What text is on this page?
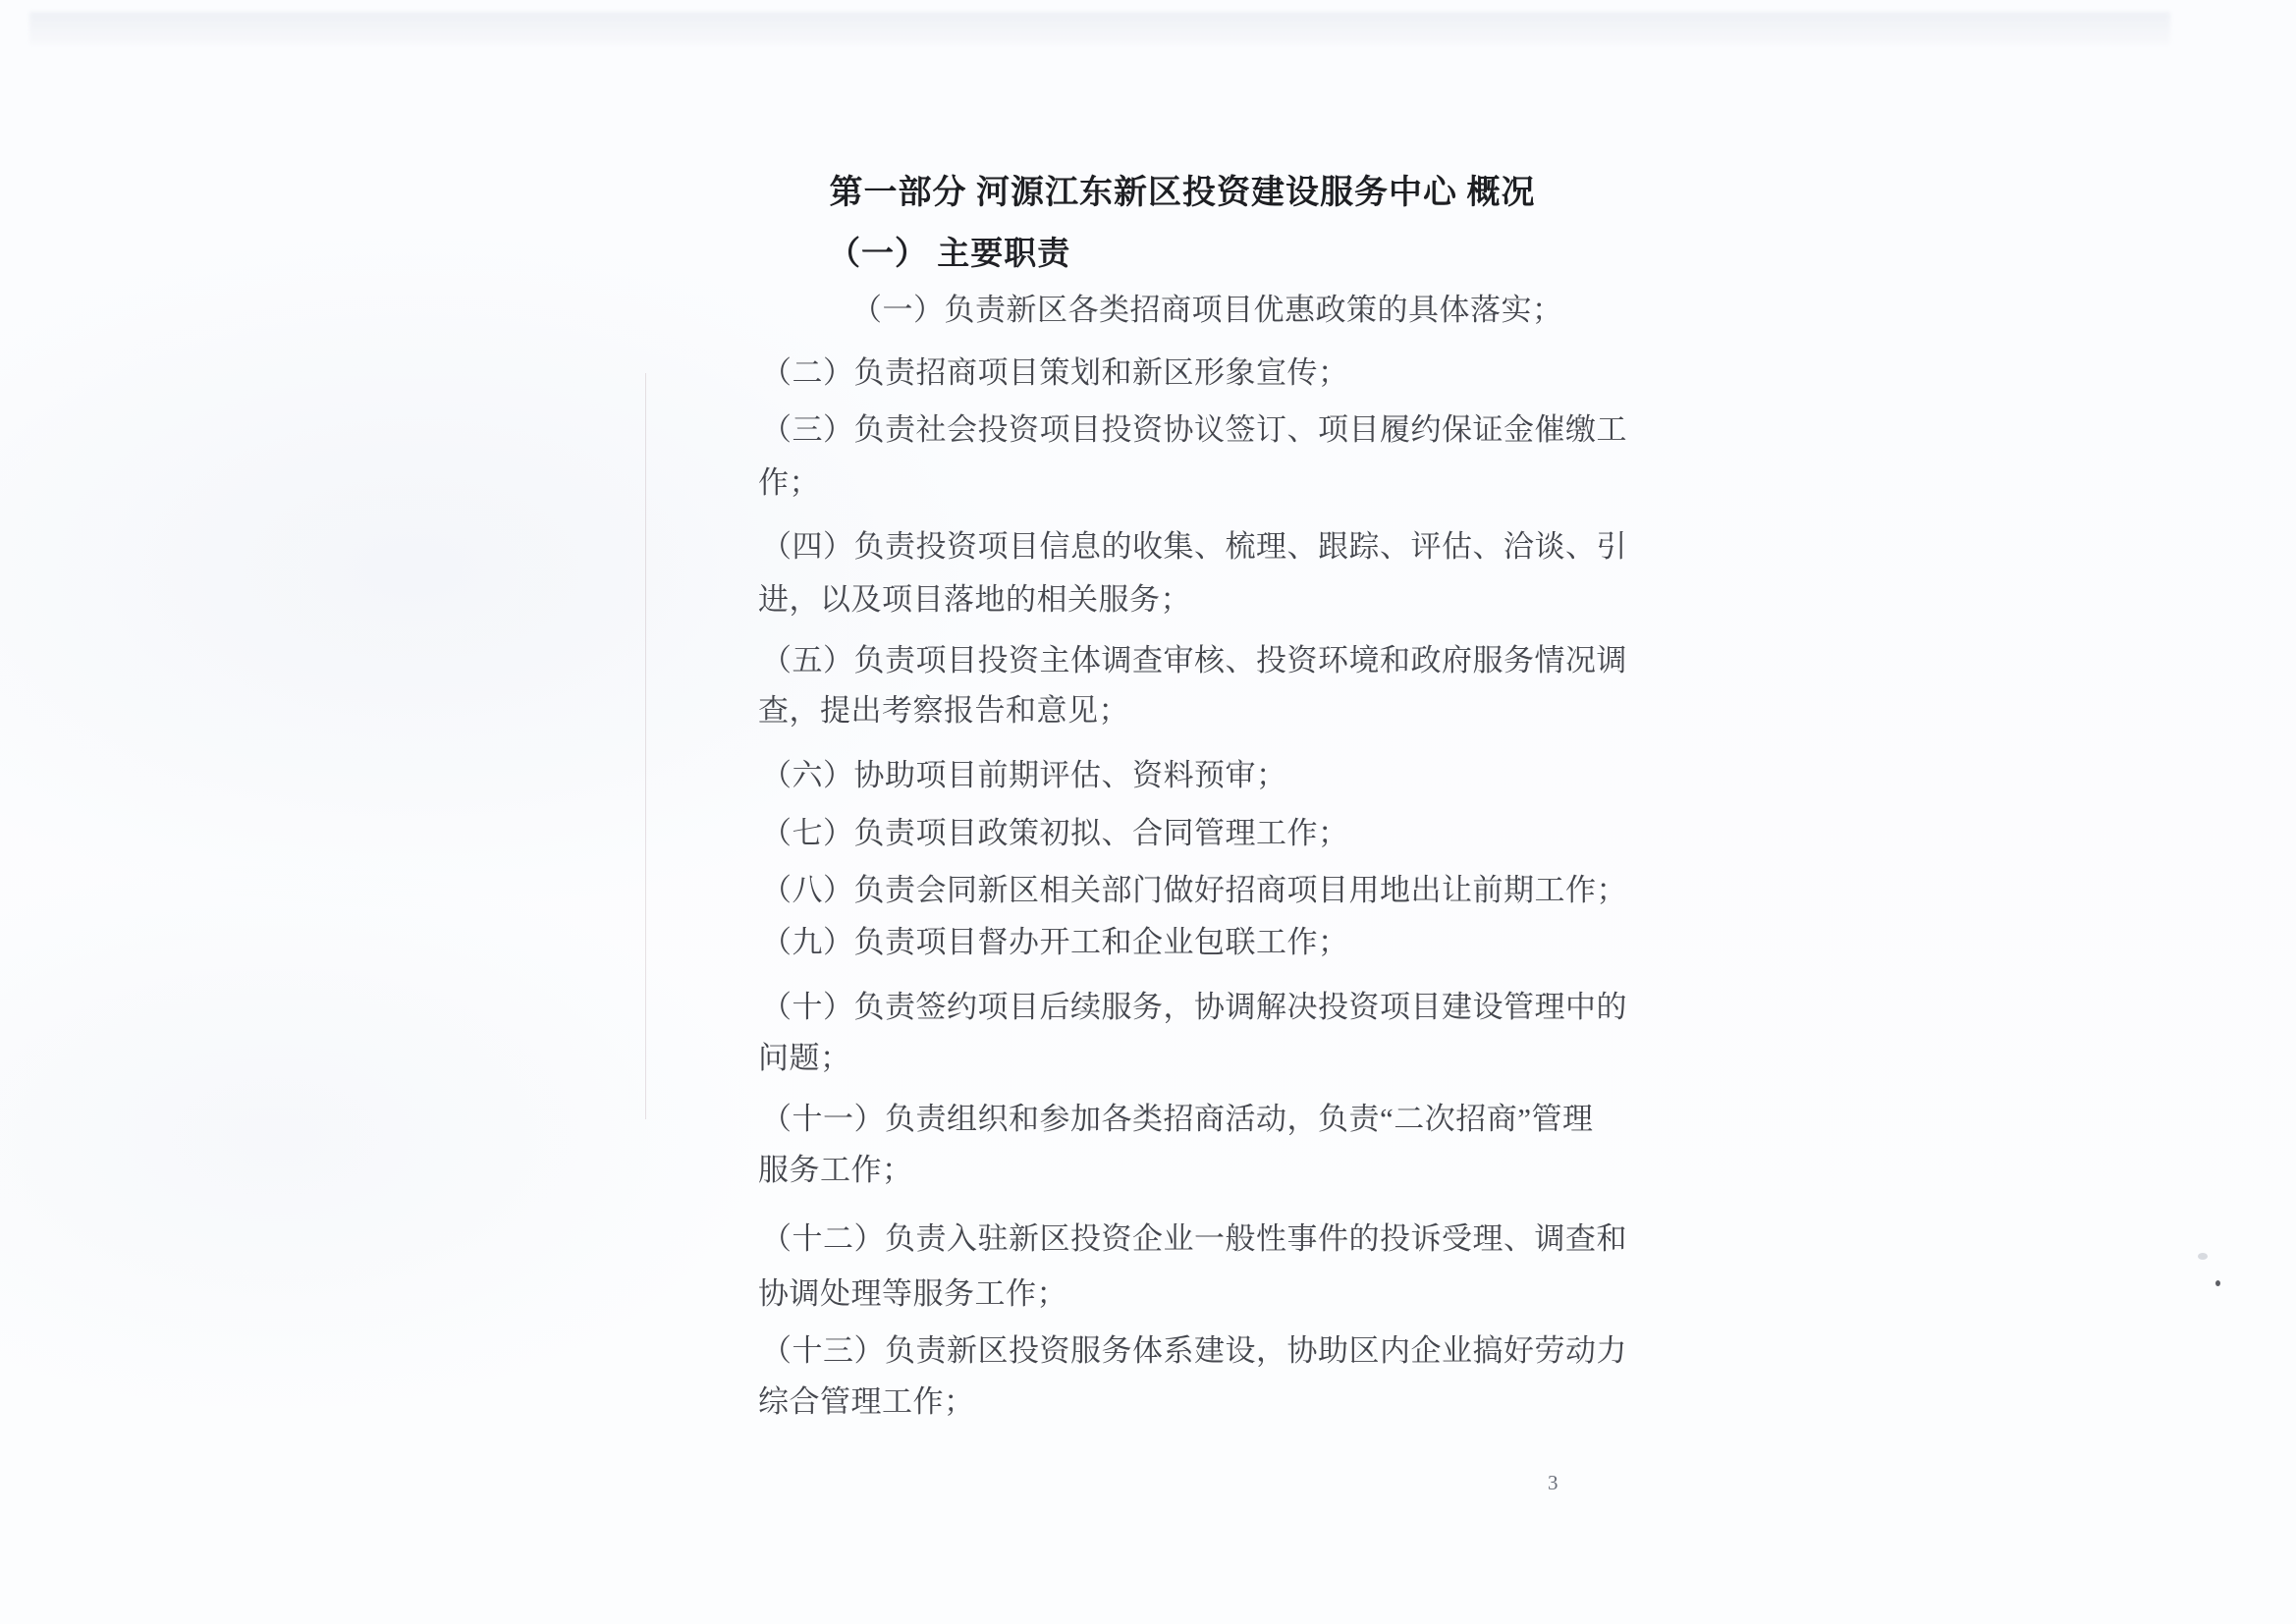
第一部分 河源江东新区投资建设服务中心 概况
（一） 主要职责
（一）负责新区各类招商项目优惠政策的具体落实；
（二）负责招商项目策划和新区形象宣传；
（三）负责社会投资项目投资协议签订、项目履约保证金催缴工
作；
（四）负责投资项目信息的收集、梳理、跟踪、评估、洽谈、引
进，以及项目落地的相关服务；
（五）负责项目投资主体调查审核、投资环境和政府服务情况调
查，提出考察报告和意见；
（六）协助项目前期评估、资料预审；
（七）负责项目政策初拟、合同管理工作；
（八）负责会同新区相关部门做好招商项目用地出让前期工作；
（九）负责项目督办开工和企业包联工作；
（十）负责签约项目后续服务，协调解决投资项目建设管理中的
问题；
（十一）负责组织和参加各类招商活动，负责“二次招商”管理
服务工作；
（十二）负责入驻新区投资企业一般性事件的投诉受理、调查和
协调处理等服务工作；
（十三）负责新区投资服务体系建设，协助区内企业搞好劳动力
综合管理工作；
3
